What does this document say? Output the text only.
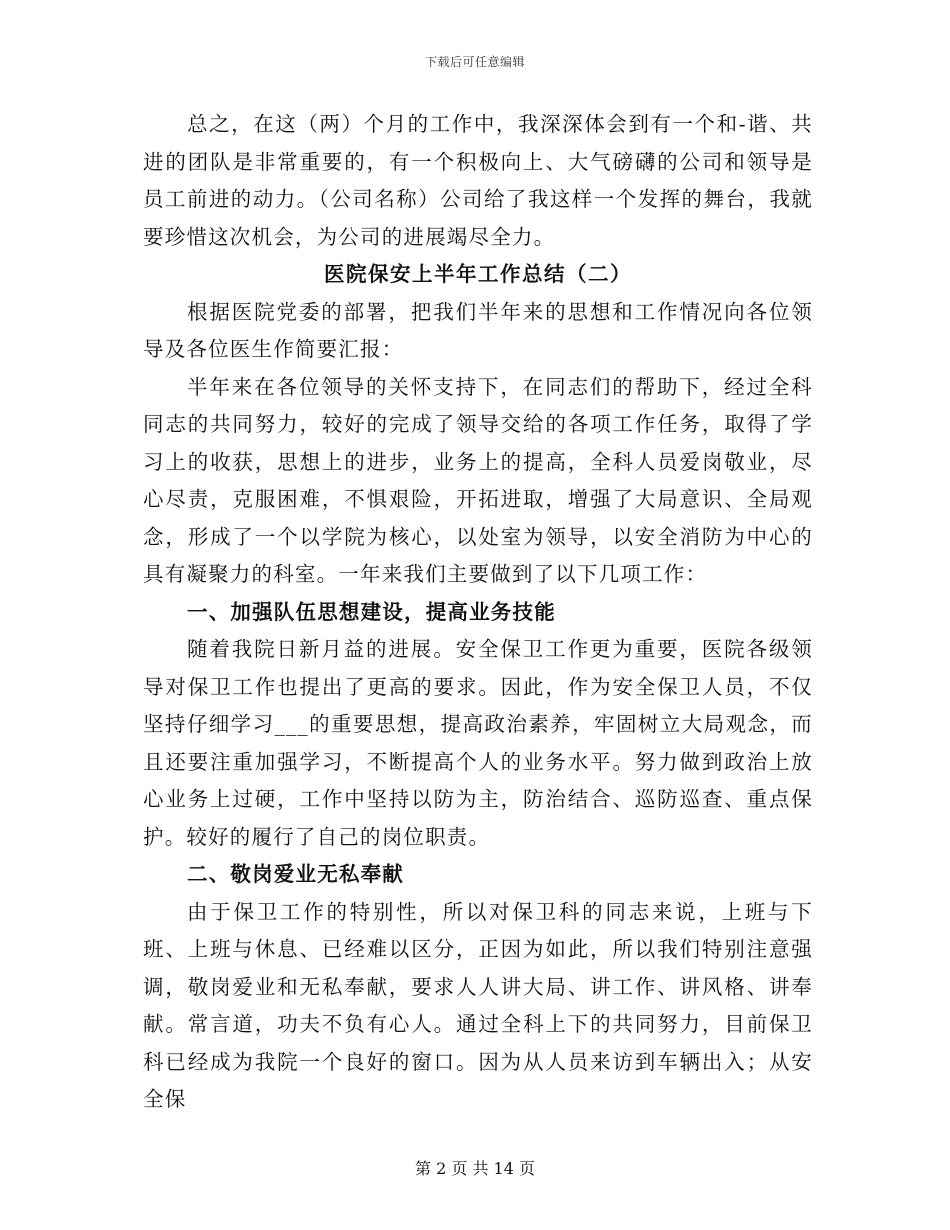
下载后可任意编辑

总之，在这（两）个月的工作中，我深深体会到有一个和-谐、共进的团队是非常重要的，有一个积极向上、大气磅礴的公司和领导是员工前进的动力。（公司名称）公司给了我这样一个发挥的舞台，我就要珍惜这次机会，为公司的进展竭尽全力。

医院保安上半年工作总结（二）

根据医院党委的部署，把我们半年来的思想和工作情况向各位领导及各位医生作简要汇报：

半年来在各位领导的关怀支持下，在同志们的帮助下，经过全科同志的共同努力，较好的完成了领导交给的各项工作任务，取得了学习上的收获，思想上的进步，业务上的提高，全科人员爱岗敬业，尽心尽责，克服困难，不惧艰险，开拓进取，增强了大局意识、全局观念，形成了一个以学院为核心，以处室为领导，以安全消防为中心的具有凝聚力的科室。一年来我们主要做到了以下几项工作：

一、加强队伍思想建设，提高业务技能

随着我院日新月益的进展。安全保卫工作更为重要，医院各级领导对保卫工作也提出了更高的要求。因此，作为安全保卫人员，不仅坚持仔细学习___的重要思想，提高政治素养，牢固树立大局观念，而且还要注重加强学习，不断提高个人的业务水平。努力做到政治上放心业务上过硬，工作中坚持以防为主，防治结合、巡防巡查、重点保护。较好的履行了自己的岗位职责。

二、敬岗爱业无私奉献

由于保卫工作的特别性，所以对保卫科的同志来说，上班与下班、上班与休息、已经难以区分，正因为如此，所以我们特别注意强调，敬岗爱业和无私奉献，要求人人讲大局、讲工作、讲风格、讲奉献。常言道，功夫不负有心人。通过全科上下的共同努力，目前保卫科已经成为我院一个良好的窗口。因为从人员来访到车辆出入；从安全保

第 2 页 共 14 页
